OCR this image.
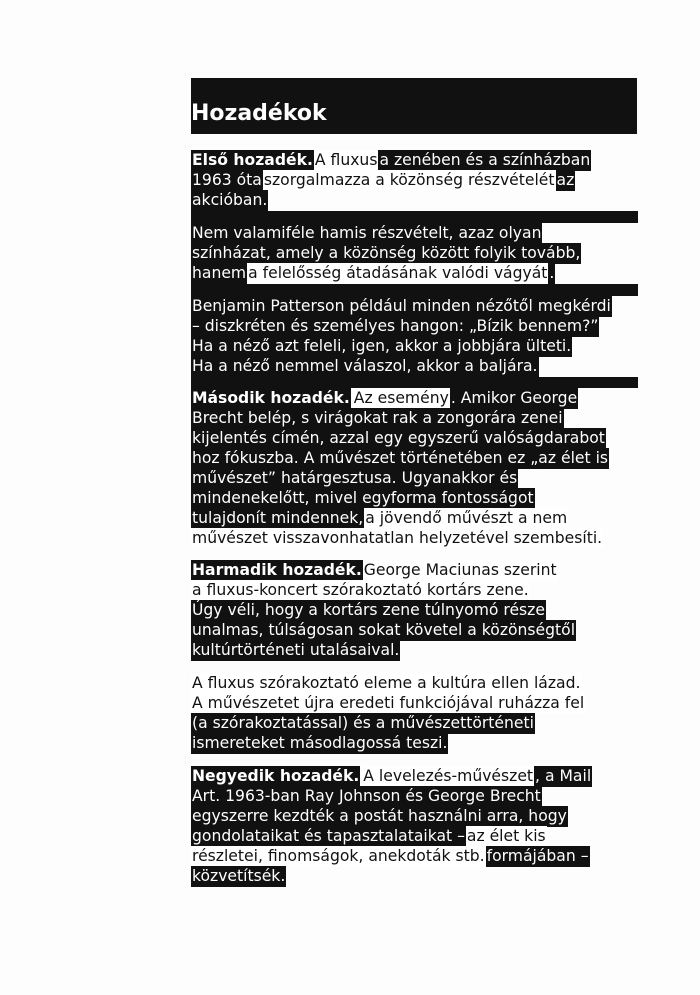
Hozadékok
Első hozadék.A fluxusa zenében és a színházban
1963 ótaszorgalmazza a közönség részvételétaz
akcióban.
Nem valamiféle hamis részvételt, azaz olyan
színházat, amely a közönség között folyik tovább,
hanema felelősség átadásának valódi vágyát .
Benjamin Patterson például minden nézőtől megkérdi
– diszkréten és személyes hangon: „Bízik bennem?”
Ha a néző azt feleli, igen, akkor a jobbjára ülteti.
Ha a néző nemmel válaszol, akkor a baljára.
Második hozadék. Az esemény . Amikor George
Brecht belép, s virágokat rak a zongorára zenei
kijelentés címén, azzal egy egyszerű valóságdarabot
hoz fókuszba. A művészet történetében ez „az élet is
művészet” határgesztusa. Ugyanakkor és
mindenekelőtt, mivel egyforma fontosságot
tulajdonít mindennek,a jövendő művészt a nem
művészet visszavonhatatlan helyzetével szembesíti.
Harmadik hozadék.George Maciunas szerint
a fluxus-koncert szórakoztató kortárs zene.
Úgy véli, hogy a kortárs zene túlnyomó része
unalmas, túlságosan sokat követel a közönségtől
kultúrtörténeti utalásaival.
A fluxus szórakoztató eleme a kultúra ellen lázad.
A művészetet újra eredeti funkciójával ruházza fel
(a szórakoztatással) és a művészettörténeti
ismereteket másodlagossá teszi.
Negyedik hozadék. A levelezés-művészet , a Mail
Art. 1963-ban Ray Johnson és George Brecht
egyszerre kezdték a postát használni arra, hogy
gondolataikat és tapasztalataikat –az élet kis
részletei, finomságok, anekdoták stb.formájában –
közvetítsék.
